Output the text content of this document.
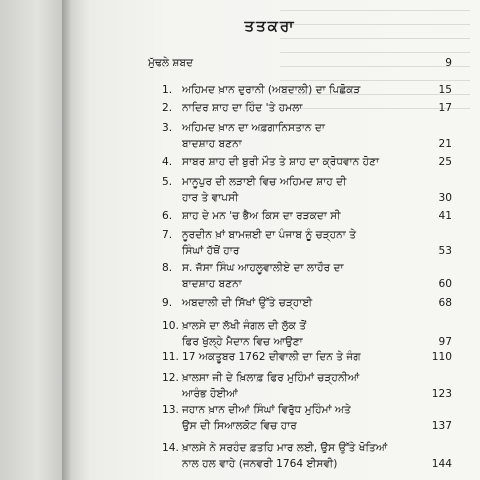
ਤਤਕਰਾ
ਮੁੱਢਲੇ ਸ਼ਬਦ	9
1. ਅਹਿਮਦ ਖ਼ਾਨ ਦੁਰਾਨੀ (ਅਬਦਾਲੀ) ਦਾ ਪਿਛੋਕੜ	15
2. ਨਾਦਿਰ ਸ਼ਾਹ ਦਾ ਹਿੰਦ 'ਤੇ ਹਮਲਾ	17
3. ਅਹਿਮਦ ਖ਼ਾਨ ਦਾ ਅਫ਼ਗਾਨਿਸਤਾਨ ਦਾ
ਬਾਦਸ਼ਾਹ ਬਣਨਾ	21
4. ਸਾਬਰ ਸ਼ਾਹ ਦੀ ਬੁਰੀ ਮੌਤ ਤੇ ਸ਼ਾਹ ਦਾ ਕ੍ਰੋਧਵਾਨ ਹੋਣਾ	25
5. ਮਾਨੂਪੁਰ ਦੀ ਲੜਾਈ ਵਿਚ ਅਹਿਮਦ ਸ਼ਾਹ ਦੀ
ਹਾਰ ਤੇ ਵਾਪਸੀ	30
6. ਸ਼ਾਹ ਦੇ ਮਨ 'ਚ ਭੈਅ ਕਿਸ ਦਾ ਰੜਕਦਾ ਸੀ	41
7. ਨੂਰਦੀਨ ਖ਼ਾਂ ਬਾਮਜ਼ਈ ਦਾ ਪੰਜਾਬ ਨੂੰ ਚੜ੍ਹਨਾ ਤੇ
ਸਿੰਘਾਂ ਹੱਥੋਂ ਹਾਰ	53
8. ਸ. ਜੱਸਾ ਸਿੰਘ ਆਹਲੂਵਾਲੀਏ ਦਾ ਲਾਹੌਰ ਦਾ
ਬਾਦਸ਼ਾਹ ਬਣਨਾ	60
9. ਅਬਦਾਲੀ ਦੀ ਸਿੱਖਾਂ ਉੱਤੇ ਚੜ੍ਹਾਈ	68
10. ਖ਼ਾਲਸੇ ਦਾ ਲੱਖੀ ਜੰਗਲ ਦੀ ਲੁੱਕ ਤੋਂ
ਫਿਰ ਖੁੱਲ੍ਹੇ ਮੈਦਾਨ ਵਿਚ ਆਉਣਾ	97
11. 17 ਅਕਤੂਬਰ 1762 ਦੀਵਾਲੀ ਦਾ ਦਿਨ ਤੇ ਜੰਗ	110
12. ਖ਼ਾਲਸਾ ਜੀ ਦੇ ਖ਼ਿਲਾਫ਼ ਫਿਰ ਮੁਹਿੰਮਾਂ ਚੜ੍ਹਨੀਆਂ
ਆਰੰਭ ਹੋਈਆਂ	123
13. ਜਹਾਨ ਖ਼ਾਨ ਦੀਆਂ ਸਿੰਘਾਂ ਵਿਰੁੱਧ ਮੁਹਿੰਮਾਂ ਅਤੇ
ਉਸ ਦੀ ਸਿਆਲਕੋਟ ਵਿਚ ਹਾਰ	137
14. ਖ਼ਾਲਸੇ ਨੇ ਸਰਹੰਦ ਫ਼ਤਹਿ ਮਾਰ ਲਈ, ਉਸ ਉੱਤੇ ਖੋਤਿਆਂ
ਨਾਲ ਹਲ ਵਾਹੇ (ਜਨਵਰੀ 1764 ਈਸਵੀ)	144
